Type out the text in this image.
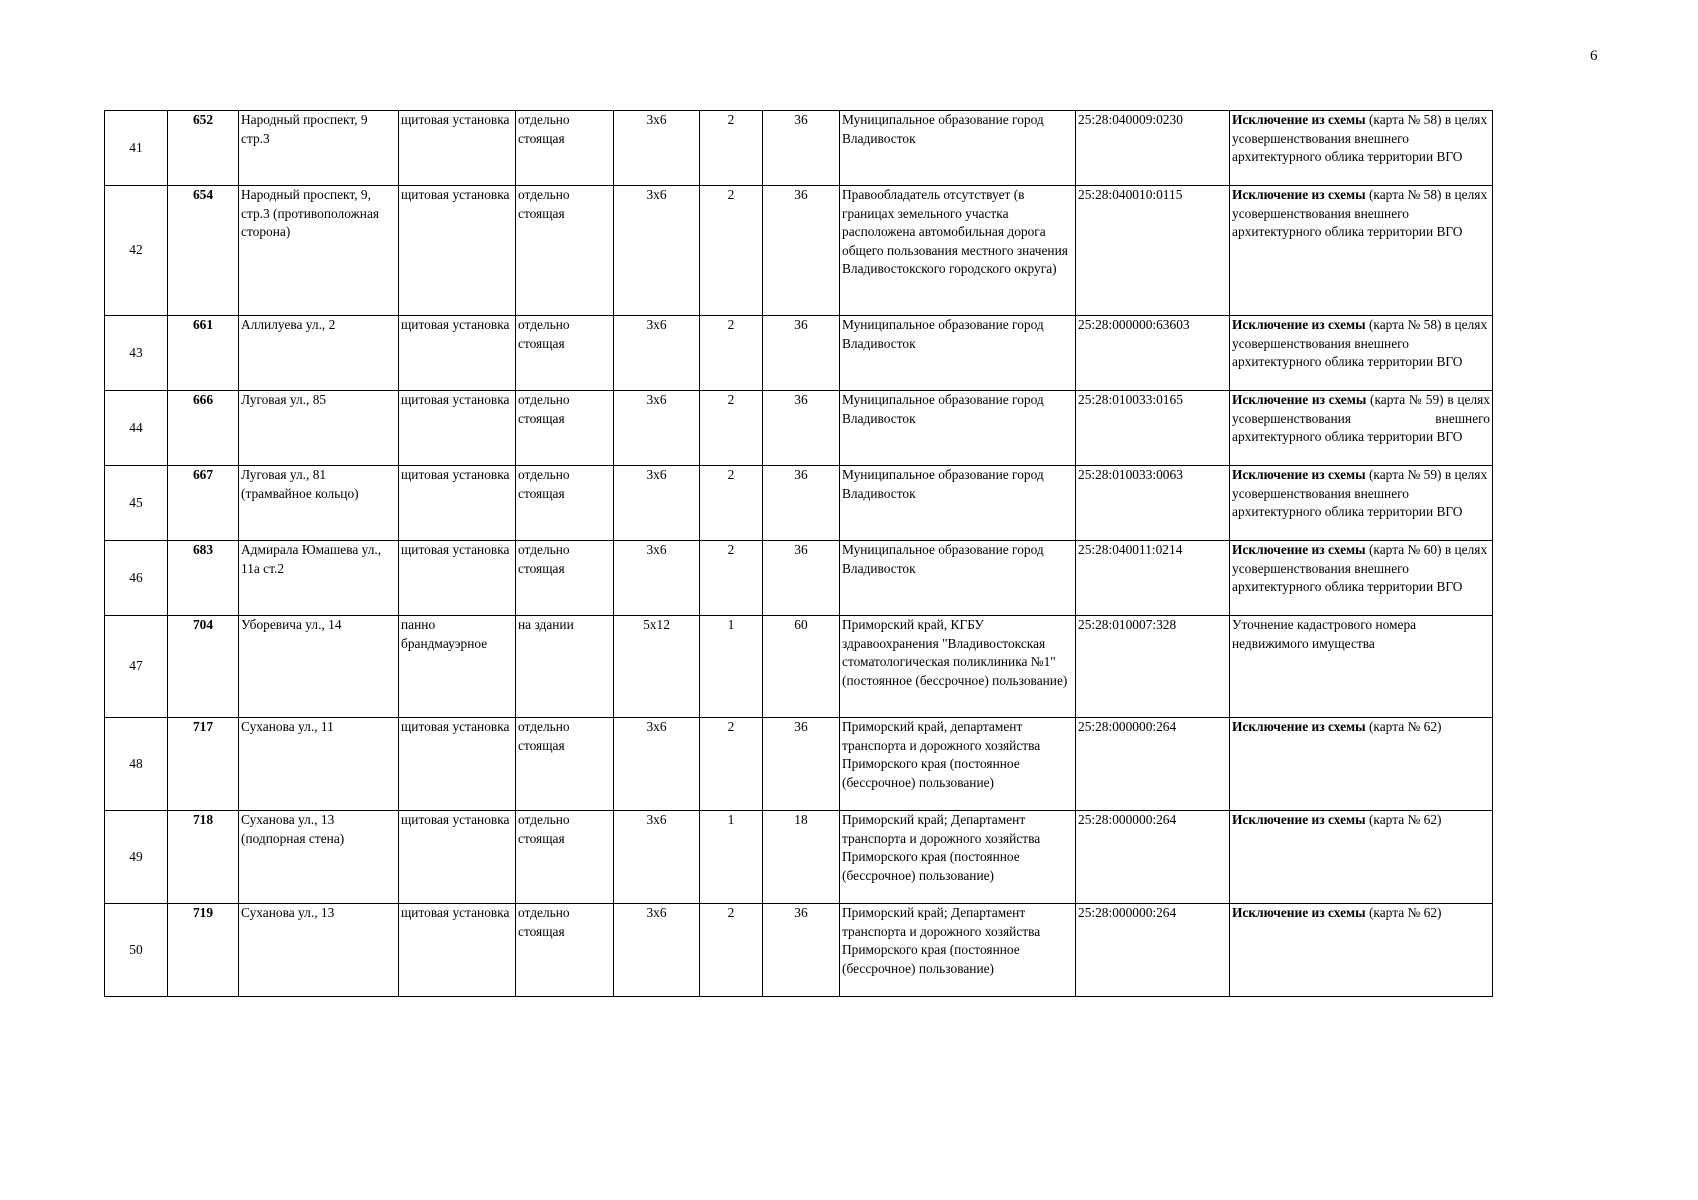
6
41	652	Народный проспект, 9 стр.3	щитовая установка	отдельно стоящая	3х6	2	36	Муниципальное образование город Владивосток	25:28:040009:0230	Исключение из схемы (карта № 58) в целях усовершенствования внешнего архитектурного облика территории ВГО
42	654	Народный проспект, 9, стр.3 (противоположная сторона)	щитовая установка	отдельно стоящая	3х6	2	36	Правообладатель отсутствует (в границах земельного участка расположена автомобильная дорога общего пользования местного значения Владивостокского городского округа)	25:28:040010:0115	Исключение из схемы (карта № 58) в целях усовершенствования внешнего архитектурного облика территории ВГО
43	661	Аллилуева ул., 2	щитовая установка	отдельно стоящая	3х6	2	36	Муниципальное образование город Владивосток	25:28:000000:63603	Исключение из схемы (карта № 58) в целях усовершенствования внешнего архитектурного облика территории ВГО
44	666	Луговая ул., 85	щитовая установка	отдельно стоящая	3х6	2	36	Муниципальное образование город Владивосток	25:28:010033:0165	Исключение из схемы (карта № 59) в целях усовершенствования внешнего архитектурного облика территории ВГО
45	667	Луговая ул., 81 (трамвайное кольцо)	щитовая установка	отдельно стоящая	3х6	2	36	Муниципальное образование город Владивосток	25:28:010033:0063	Исключение из схемы (карта № 59) в целях усовершенствования внешнего архитектурного облика территории ВГО
46	683	Адмирала Юмашева ул., 11а ст.2	щитовая установка	отдельно стоящая	3х6	2	36	Муниципальное образование город Владивосток	25:28:040011:0214	Исключение из схемы (карта № 60) в целях усовершенствования внешнего архитектурного облика территории ВГО
47	704	Уборевича ул., 14	панно брандмауэрное	на здании	5х12	1	60	Приморский край, КГБУ здравоохранения "Владивостокская стоматологическая поликлиника №1" (постоянное (бессрочное) пользование)	25:28:010007:328	Уточнение кадастрового номера недвижимого имущества
48	717	Суханова ул., 11	щитовая установка	отдельно стоящая	3х6	2	36	Приморский край, департамент транспорта и дорожного хозяйства Приморского края (постоянное (бессрочное) пользование)	25:28:000000:264	Исключение из схемы (карта № 62)
49	718	Суханова ул., 13 (подпорная стена)	щитовая установка	отдельно стоящая	3х6	1	18	Приморский край; Департамент транспорта и дорожного хозяйства Приморского края (постоянное (бессрочное) пользование)	25:28:000000:264	Исключение из схемы (карта № 62)
50	719	Суханова ул., 13	щитовая установка	отдельно стоящая	3х6	2	36	Приморский край; Департамент транспорта и дорожного хозяйства Приморского края (постоянное (бессрочное) пользование)	25:28:000000:264	Исключение из схемы (карта № 62)
